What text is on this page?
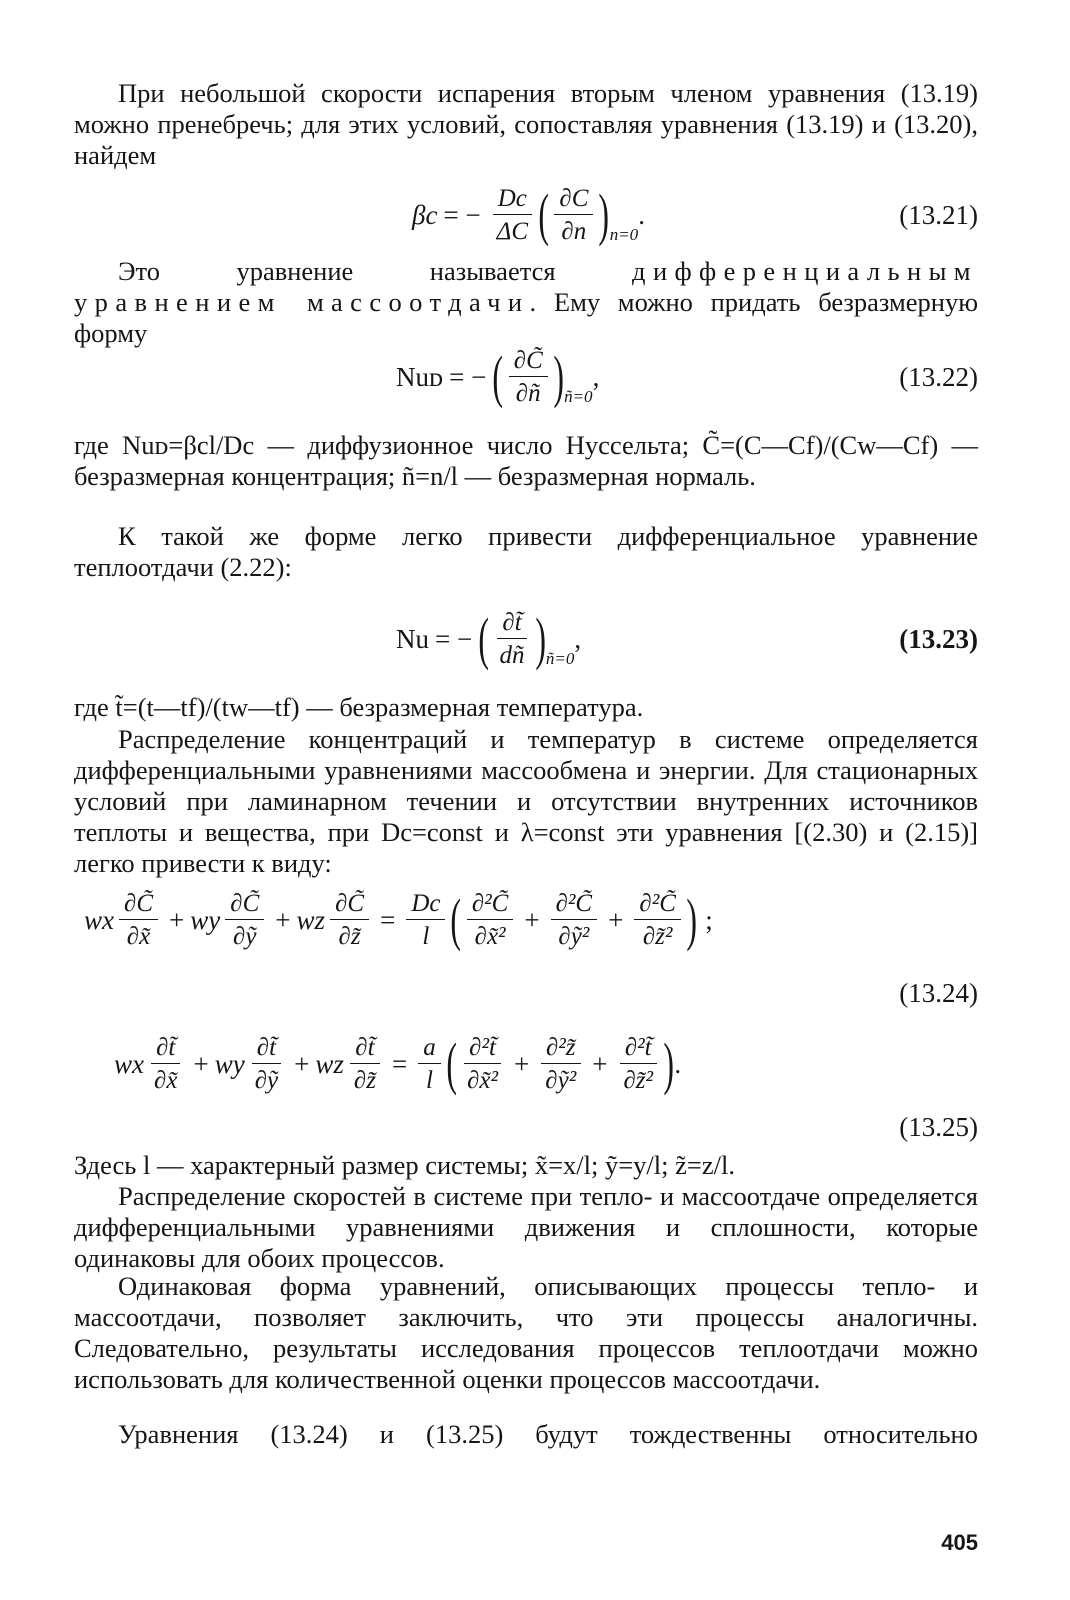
При небольшой скорости испарения вторым членом уравнения (13.19) можно пренебречь; для этих условий, сопоставляя уравнения (13.19) и (13.20), найдем

βc = − $\frac{Dc}{\Delta C}$ ( $\frac{\partial C}{\partial n} )_{n=0}$
.	(13.21)

Это уравнение называется дифференциальным уравнением массоотдачи. Ему можно придать безразмерную форму

Nuᴅ = − ( $\frac{\partial C̃}{\partial ñ} )_{ñ=0}$
,	(13.22)

где Nuᴅ=βcl/Dc — диффузионное число Нуссельта; C̃=(C—Cf)/(Cw—Cf) — безразмерная концентрация; ñ=n/l — безразмерная нормаль.

К такой же форме легко привести дифференциальное уравнение теплоотдачи (2.22):

Nu = − ( $\frac{\partial t̃}{dñ} )_{ñ=0}$
,	(13.23)

где t̃=(t—tf)/(tw—tf) — безразмерная температура.

Распределение концентраций и температур в системе определяется дифференциальными уравнениями массообмена и энергии. Для стационарных условий при ламинарном течении и отсутствии внутренних источников теплоты и вещества, при Dc=const и λ=const эти уравнения [(2.30) и (2.15)] легко привести к виду:

wx $\frac{\partial C̃}{\partial x̃}$ + wy $\frac{\partial C̃}{\text{∂ỹ}}$ + wz $\frac{\partial C̃}{\partial z̃} = \frac{Dc}{l}$ ( $\frac{\text{∂²C̃}}{\text{∂x̃²}} + \frac{\text{∂²C̃}}{\text{∂ỹ²}} + \frac{\text{∂²C̃}}{\text{∂z̃²}}$ ) ;
(13.24)
wx $\frac{\partial t̃}{\partial x̃}$ + wy $\frac{\partial t̃}{\text{∂ỹ}}$ + wz $\frac{\partial t̃}{\partial z̃} = \frac{a}{l}$ ( $\frac{\text{∂²t̃}}{\text{∂x̃²}} + \frac{\text{∂²z̃}}{\text{∂ỹ²}} + \frac{\text{∂²t̃}}{\text{∂z̃²}}$ ) .
(13.25)

Здесь l — характерный размер системы; x̃=x/l; ỹ=y/l; z̃=z/l.

Распределение скоростей в системе при тепло- и массоотдаче определяется дифференциальными уравнениями движения и сплошности, которые одинаковы для обоих процессов.

Одинаковая форма уравнений, описывающих процессы тепло- и массоотдачи, позволяет заключить, что эти процессы аналогичны. Следовательно, результаты исследования процессов теплоотдачи можно использовать для количественной оценки процессов массоотдачи.

Уравнения (13.24) и (13.25) будут тождественны относительно

405
